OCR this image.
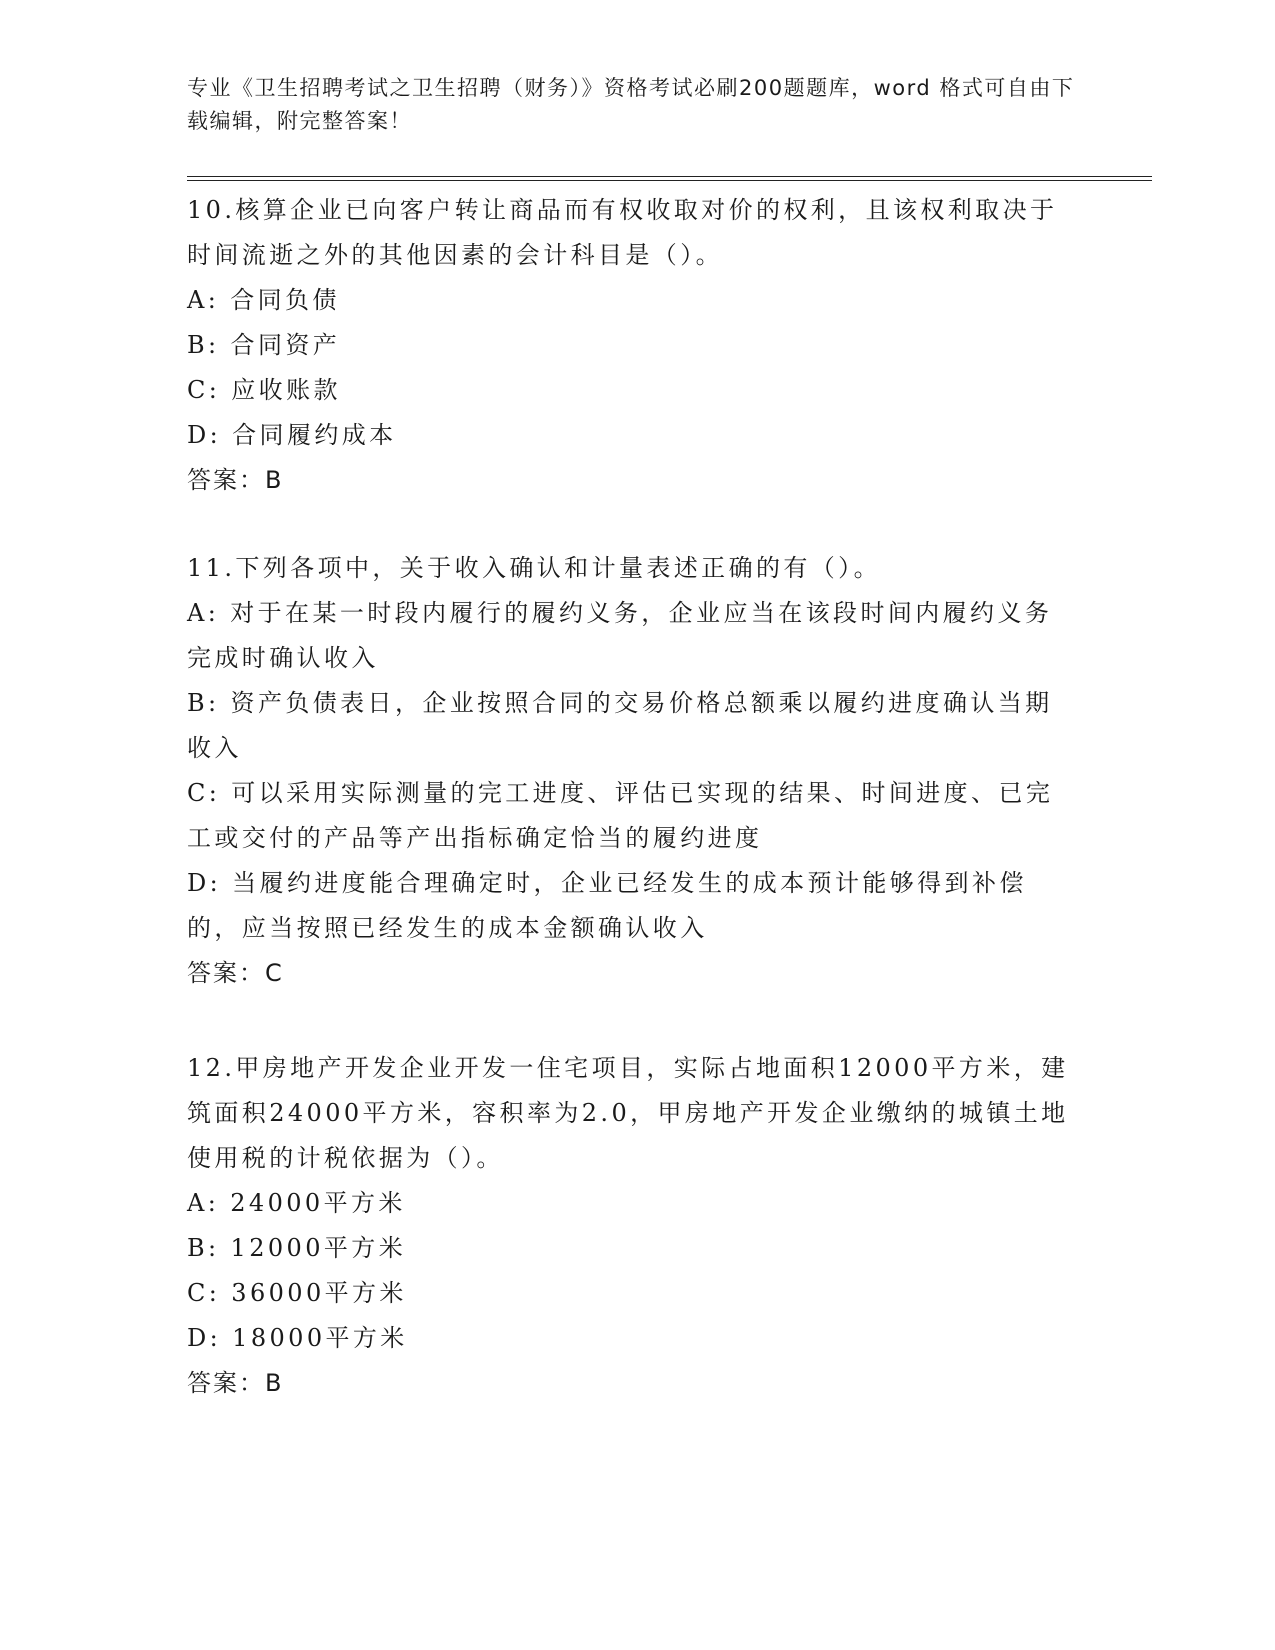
专业《卫生招聘考试之卫生招聘（财务）》资格考试必刷200题题库，word 格式可自由下载编辑，附完整答案！
10.核算企业已向客户转让商品而有权收取对价的权利，且该权利取决于时间流逝之外的其他因素的会计科目是（）。
A: 合同负债
B: 合同资产
C: 应收账款
D: 合同履约成本
答案：B
11.下列各项中，关于收入确认和计量表述正确的有（）。
A: 对于在某一时段内履行的履约义务，企业应当在该段时间内履约义务完成时确认收入
B: 资产负债表日，企业按照合同的交易价格总额乘以履约进度确认当期收入
C: 可以采用实际测量的完工进度、评估已实现的结果、时间进度、已完工或交付的产品等产出指标确定恰当的履约进度
D: 当履约进度能合理确定时，企业已经发生的成本预计能够得到补偿的，应当按照已经发生的成本金额确认收入
答案：C
12.甲房地产开发企业开发一住宅项目，实际占地面积12000平方米，建筑面积24000平方米，容积率为2.0，甲房地产开发企业缴纳的城镇土地使用税的计税依据为（）。
A: 24000平方米
B: 12000平方米
C: 36000平方米
D: 18000平方米
答案：B
